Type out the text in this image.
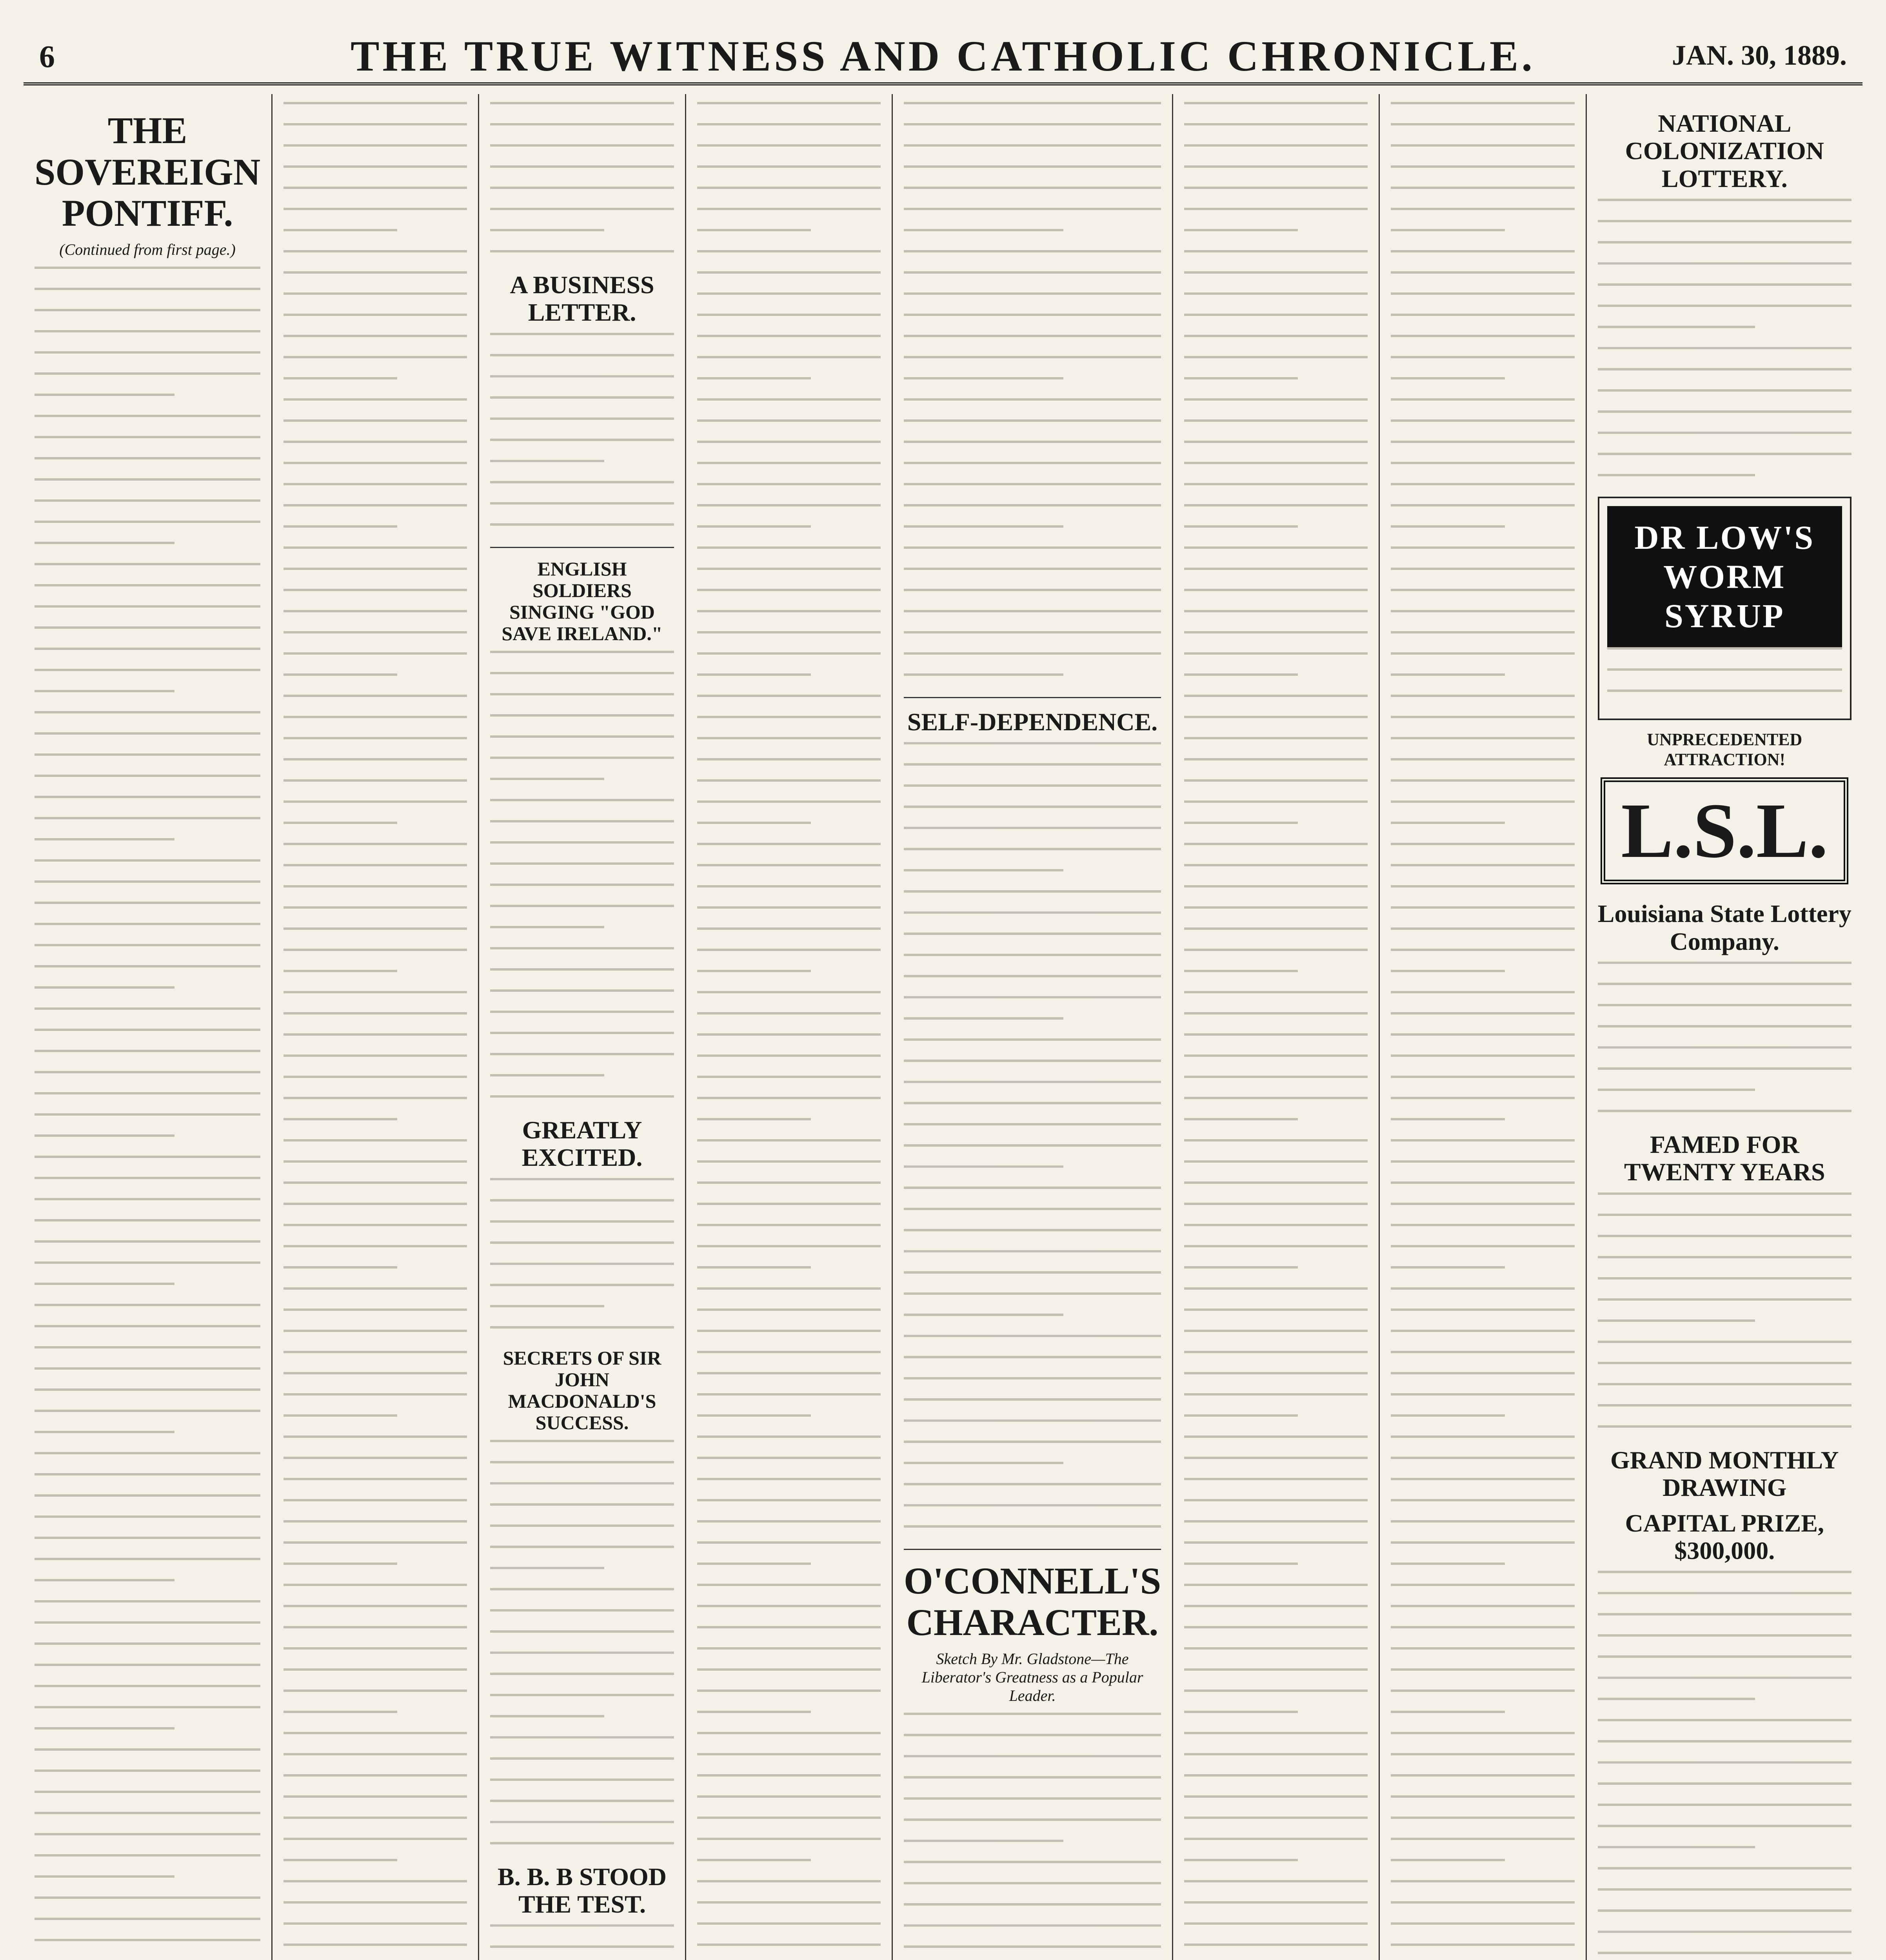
6	THE TRUE WITNESS AND CATHOLIC CHRONICLE.	JAN. 30, 1889.
THE SOVEREIGN PONTIFF.
(Continued from first page.)
A BUSINESS LETTER.
ENGLISH SOLDIERS SINGING "GOD SAVE IRELAND."
GREATLY EXCITED.
SECRETS OF SIR JOHN MACDONALD'S SUCCESS.
B. B. B STOOD THE TEST.
SELF-DEPENDENCE.
O'CONNELL'S CHARACTER.
Sketch By Mr. Gladstone—The Liberator's Greatness as a Popular Leader.
NATIONAL COLONIZATION LOTTERY.
DR LOW'S WORM SYRUP
UNPRECEDENTED ATTRACTION!
L.S.L.
Louisiana State Lottery Company.
FAMED FOR TWENTY YEARS
GRAND MONTHLY DRAWING
CAPITAL PRIZE, $300,000.
